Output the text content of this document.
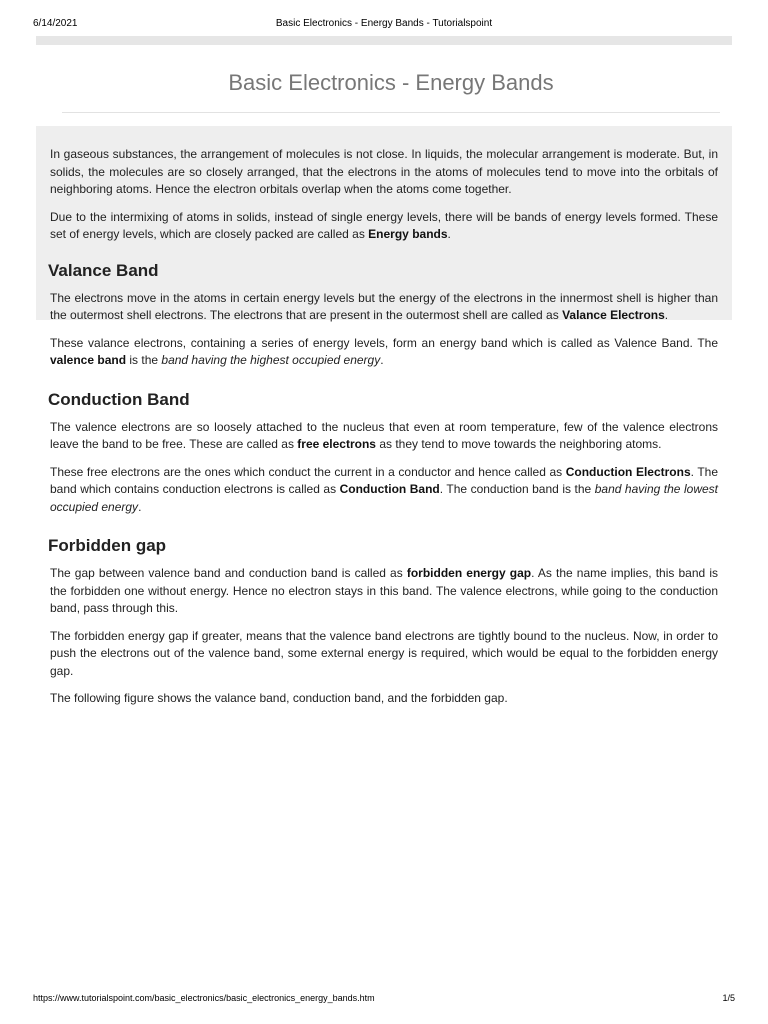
6/14/2021	Basic Electronics - Energy Bands - Tutorialspoint
Basic Electronics - Energy Bands

In gaseous substances, the arrangement of molecules is not close. In liquids, the molecular arrangement is moderate. But, in solids, the molecules are so closely arranged, that the electrons in the atoms of molecules tend to move into the orbitals of neighboring atoms. Hence the electron orbitals overlap when the atoms come together.

Due to the intermixing of atoms in solids, instead of single energy levels, there will be bands of energy levels formed. These set of energy levels, which are closely packed are called as Energy bands.

Valance Band

The electrons move in the atoms in certain energy levels but the energy of the electrons in the innermost shell is higher than the outermost shell electrons. The electrons that are present in the outermost shell are called as Valance Electrons.

These valance electrons, containing a series of energy levels, form an energy band which is called as Valence Band. The valence band is the band having the highest occupied energy.

Conduction Band

The valence electrons are so loosely attached to the nucleus that even at room temperature, few of the valence electrons leave the band to be free. These are called as free electrons as they tend to move towards the neighboring atoms.

These free electrons are the ones which conduct the current in a conductor and hence called as Conduction Electrons. The band which contains conduction electrons is called as Conduction Band. The conduction band is the band having the lowest occupied energy.

Forbidden gap

The gap between valence band and conduction band is called as forbidden energy gap. As the name implies, this band is the forbidden one without energy. Hence no electron stays in this band. The valence electrons, while going to the conduction band, pass through this.

The forbidden energy gap if greater, means that the valence band electrons are tightly bound to the nucleus. Now, in order to push the electrons out of the valence band, some external energy is required, which would be equal to the forbidden energy gap.

The following figure shows the valance band, conduction band, and the forbidden gap.

https://www.tutorialspoint.com/basic_electronics/basic_electronics_energy_bands.htm	1/5
